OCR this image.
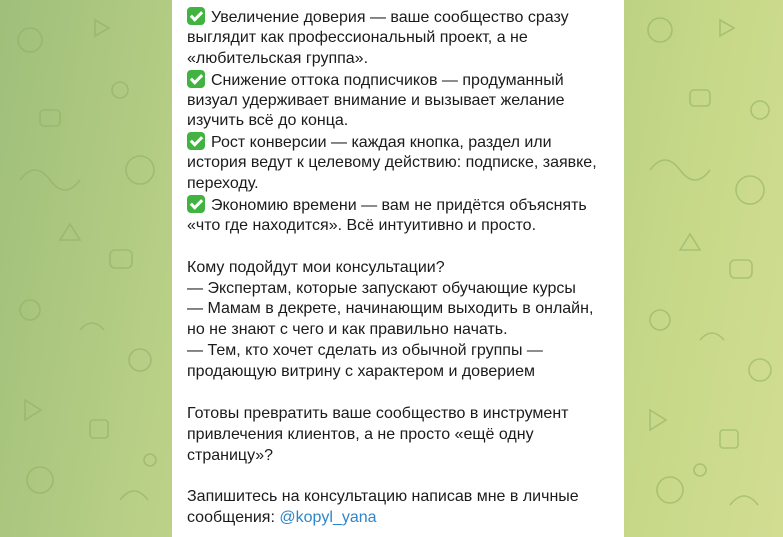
Увеличение доверия — ваше сообщество сразу
выглядит как профессиональный проект, а не
«любительская группа».
Снижение оттока подписчиков — продуманный
визуал удерживает внимание и вызывает желание
изучить всё до конца.
Рост конверсии — каждая кнопка, раздел или
история ведут к целевому действию: подписке, заявке,
переходу.
Экономию времени — вам не придётся объяснять
«что где находится». Всё интуитивно и просто.
Кому подойдут мои консультации?
— Экспертам, которые запускают обучающие курсы
— Мамам в декрете, начинающим выходить в онлайн,
но не знают с чего и как правильно начать.
— Тем, кто хочет сделать из обычной группы —
продающую витрину с характером и доверием
Готовы превратить ваше сообщество в инструмент
привлечения клиентов, а не просто «ещё одну
страницу»?
Запишитесь на консультацию написав мне в личные
сообщения: @kopyl_yana
